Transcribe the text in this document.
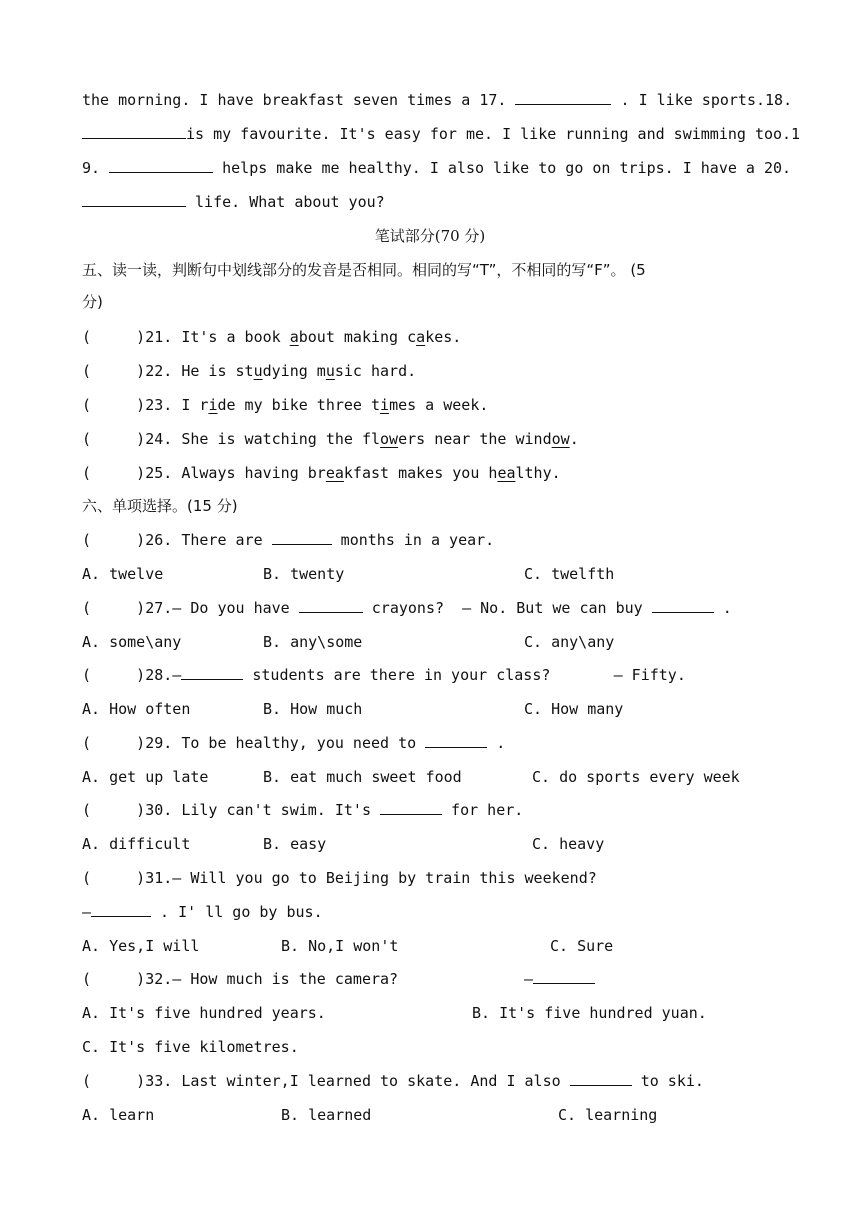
the morning. I have breakfast seven times a 17.	. I like sports.18.
is my favourite. It's easy for me. I like running and swimming too.1
9.	helps make me healthy. I also like to go on trips. I have a 20.
life. What about you?
笔试部分(70 分)
五、读一读，判断句中划线部分的发音是否相同。相同的写“T”，不相同的写“F”。 (5
分)
(     )21. It's a book about making cakes.
(     )22. He is studying music hard.
(     )23. I ride my bike three times a week.
(     )24. She is watching the flowers near the window.
(     )25. Always having breakfast makes you healthy.
六、单项选择。(15 分)
(     )26. There are	months in a year.
A. twelve	B. twenty	C. twelfth
(     )27.— Do you have	crayons?  — No. But we can buy	.
A. some\any	B. any\some	C. any\any
(     )28.—	students are there in your class?       — Fifty.
A. How often	B. How much	C. How many
(     )29. To be healthy, you need to	.
A. get up late	B. eat much sweet food	C. do sports every week
(     )30. Lily can't swim. It's	for her.
A. difficult	B. easy	C. heavy
(     )31.— Will you go to Beijing by train this weekend?
—	. I' ll go by bus.
A. Yes,I will	B. No,I won't	C. Sure
(     )32.— How much is the camera?	—
A. It's five hundred years.	B. It's five hundred yuan.
C. It's five kilometres.
(     )33. Last winter,I learned to skate. And I also	to ski.
A. learn	B. learned	C. learning
